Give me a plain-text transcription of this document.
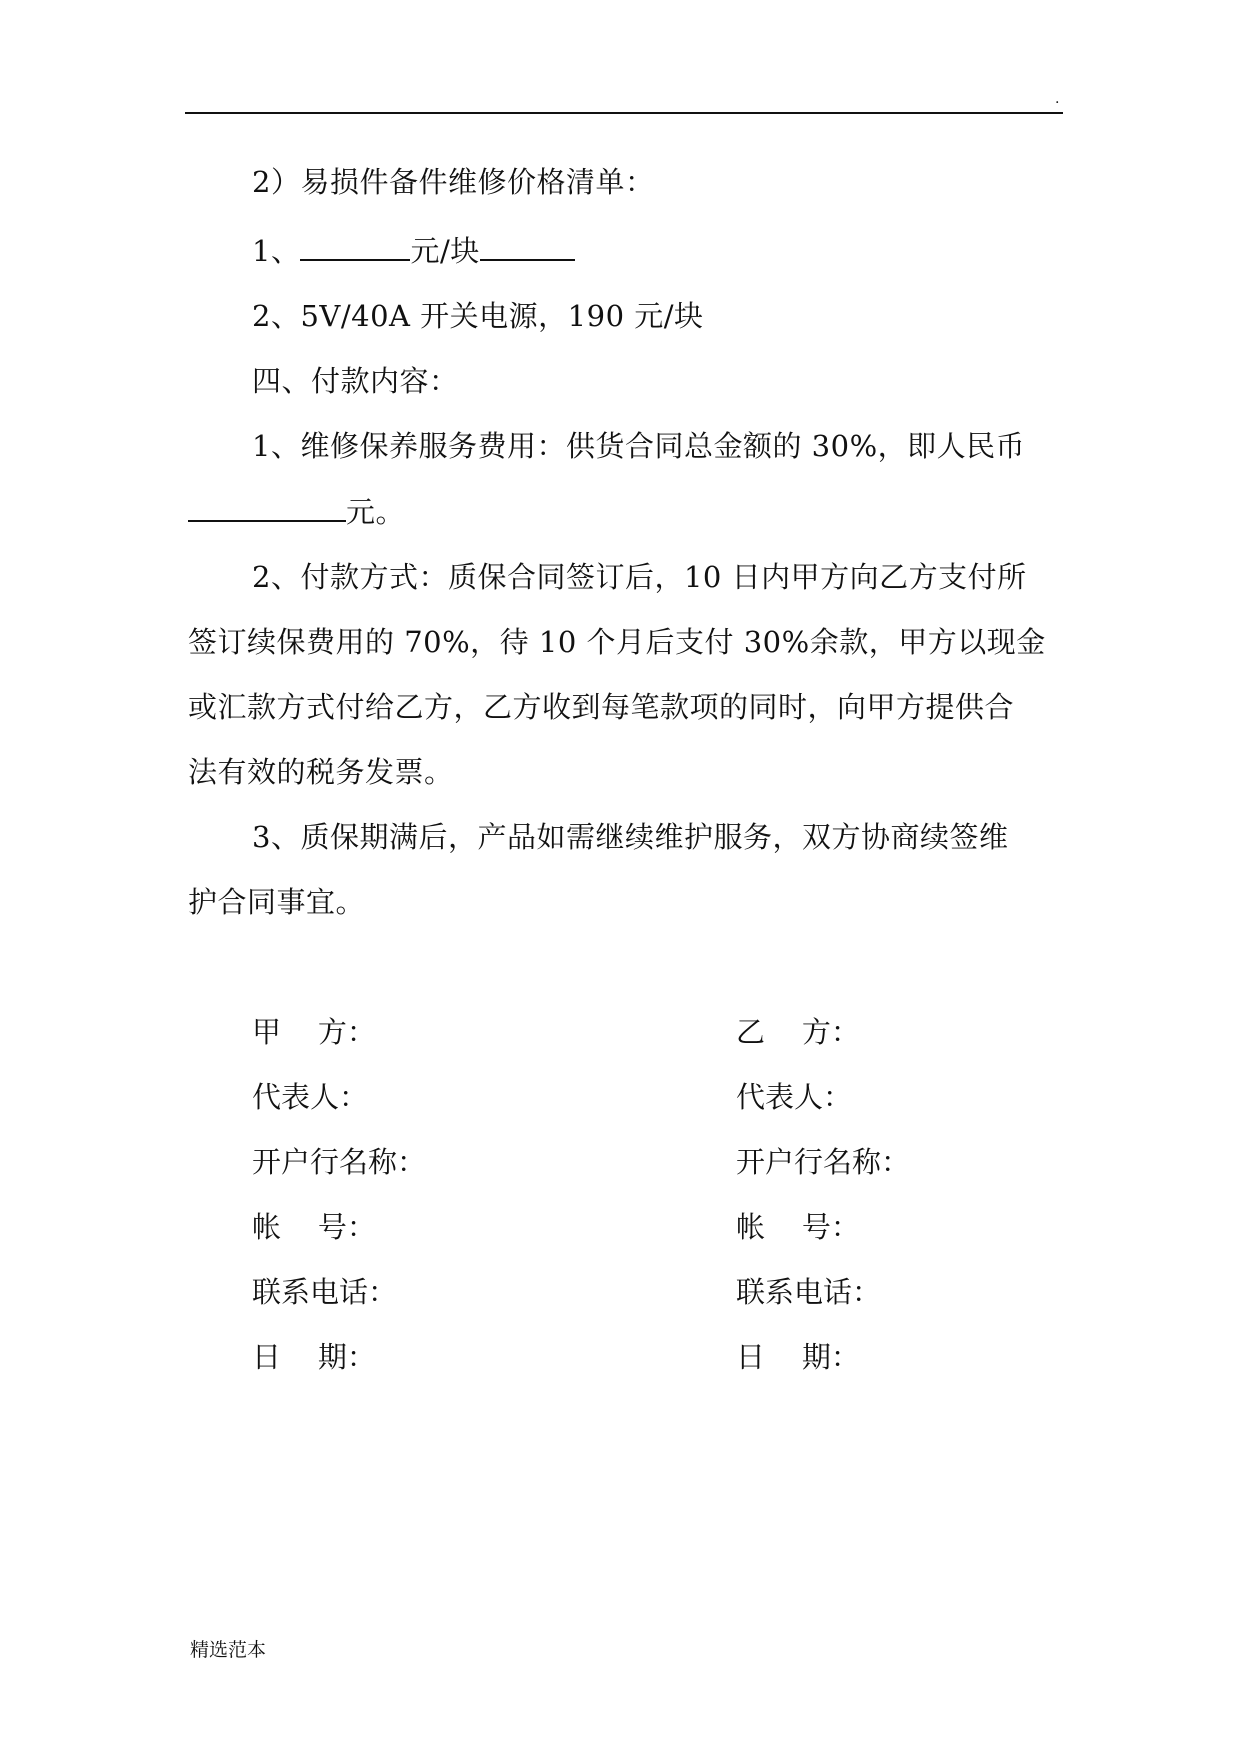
.
2）易损件备件维修价格清单：
1、	元/块
2、5V/40A 开关电源，190 元/块
四、付款内容：
1、维修保养服务费用：供货合同总金额的 30%，即人民币
元。
2、付款方式：质保合同签订后，10 日内甲方向乙方支付所
签订续保费用的 70%，待 10 个月后支付 30%余款，甲方以现金
或汇款方式付给乙方，乙方收到每笔款项的同时，向甲方提供合
法有效的税务发票。
3、质保期满后，产品如需继续维护服务，双方协商续签维
护合同事宜。
甲    方：
代表人：
开户行名称：
帐    号：
联系电话：
日    期：
乙    方：
代表人：
开户行名称：
帐    号：
联系电话：
日    期：
精选范本
